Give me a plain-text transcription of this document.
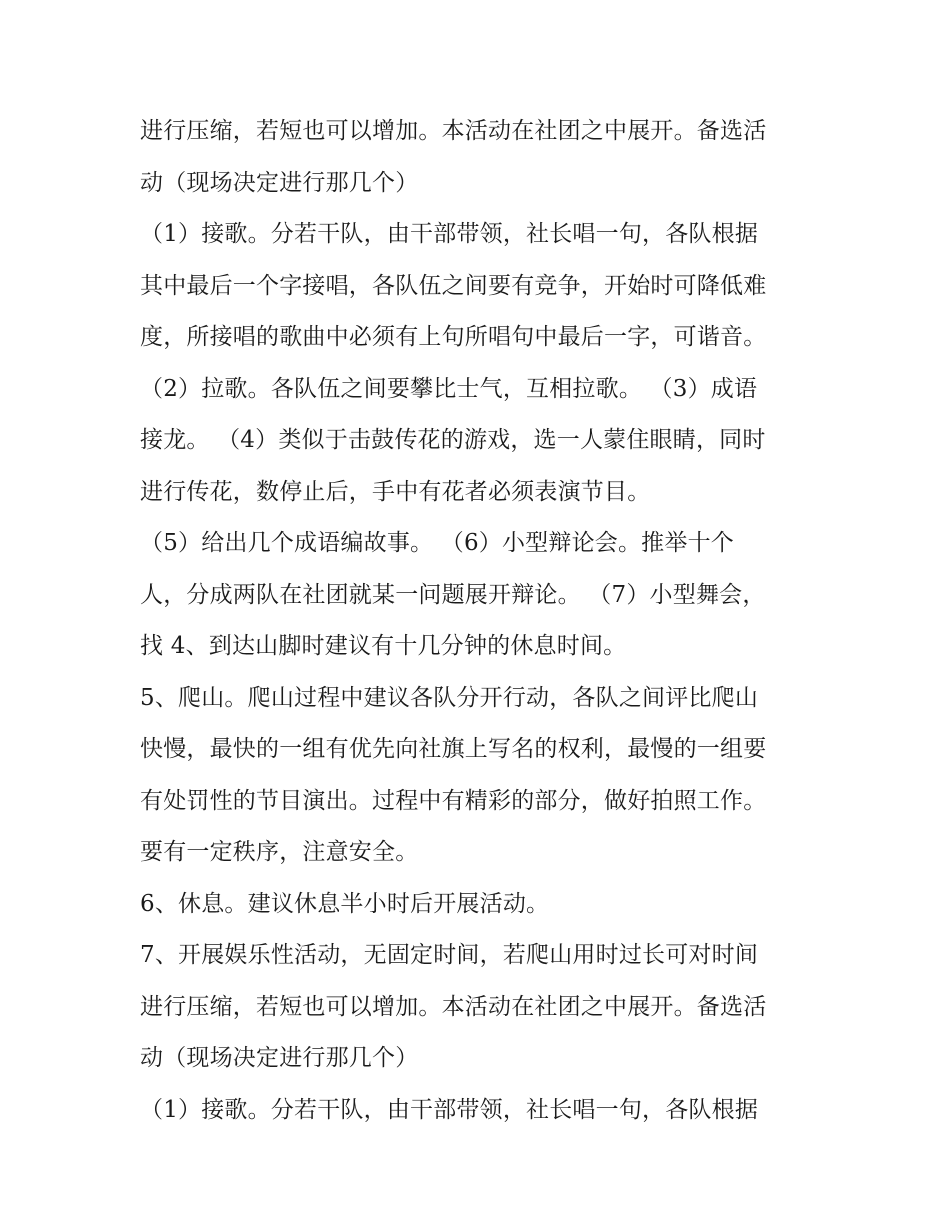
进行压缩，若短也可以增加。本活动在社团之中展开。备选活
动（现场决定进行那几个）
（1）接歌。分若干队，由干部带领，社长唱一句，各队根据
其中最后一个字接唱，各队伍之间要有竞争，开始时可降低难
度，所接唱的歌曲中必须有上句所唱句中最后一字，可谐音。
（2）拉歌。各队伍之间要攀比士气，互相拉歌。 （3）成语
接龙。 （4）类似于击鼓传花的游戏，选一人蒙住眼睛，同时
进行传花，数停止后，手中有花者必须表演节目。
（5）给出几个成语编故事。 （6）小型辩论会。推举十个
人，分成两队在社团就某一问题展开辩论。 （7）小型舞会，
找 4、到达山脚时建议有十几分钟的休息时间。
5、爬山。爬山过程中建议各队分开行动，各队之间评比爬山
快慢，最快的一组有优先向社旗上写名的权利，最慢的一组要
有处罚性的节目演出。过程中有精彩的部分，做好拍照工作。
要有一定秩序，注意安全。
6、休息。建议休息半小时后开展活动。
7、开展娱乐性活动，无固定时间，若爬山用时过长可对时间
进行压缩，若短也可以增加。本活动在社团之中展开。备选活
动（现场决定进行那几个）
（1）接歌。分若干队，由干部带领，社长唱一句，各队根据
